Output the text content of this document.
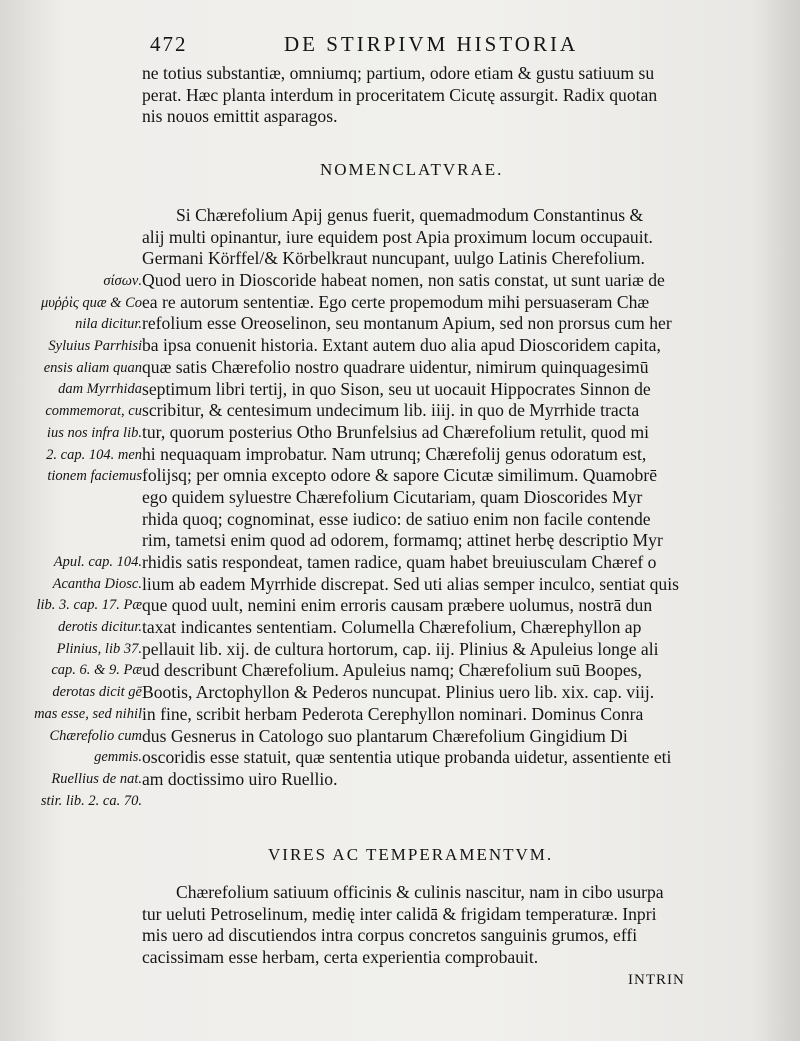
472	DE STIRPIVM HISTORIA
ne totius substantiæ, omniumq; partium, odore etiam & gustu satiuum su
perat. Hæc planta interdum in proceritatem Cicutę assurgit. Radix quotan
nis nouos emittit asparagos.
NOMENCLATVRAE.
Si Chærefolium Apij genus fuerit, quemadmodum Constantinus &
alij multi opinantur, iure equidem post Apia proximum locum occupauit.
Germani Körffel/& Körbelkraut nuncupant, uulgo Latinis Cherefolium.
Quod uero in Dioscoride habeat nomen, non satis constat, ut sunt uariæ de
ea re autorum sententiæ. Ego certe propemodum mihi persuaseram Chæ
refolium esse Oreoselinon, seu montanum Apium, sed non prorsus cum her
ba ipsa conuenit historia. Extant autem duo alia apud Dioscoridem capita,
quæ satis Chærefolio nostro quadrare uidentur, nimirum quinquagesimū
septimum libri tertij, in quo Sison, seu ut uocauit Hippocrates Sinnon de
scribitur, & centesimum undecimum lib. iiij. in quo de Myrrhide tracta
tur, quorum posterius Otho Brunfelsius ad Chærefolium retulit, quod mi
hi nequaquam improbatur. Nam utrunq; Chærefolij genus odoratum est,
folijsq; per omnia excepto odore & sapore Cicutæ similimum. Quamobrē
ego quidem syluestre Chærefolium Cicutariam, quam Dioscorides Myr
rhida quoq; cognominat, esse iudico: de satiuo enim non facile contende
rim, tametsi enim quod ad odorem, formamq; attinet herbę descriptio Myr
rhidis satis respondeat, tamen radice, quam habet breuiusculam Chæref o
lium ab eadem Myrrhide discrepat. Sed uti alias semper inculco, sentiat quis
que quod uult, nemini enim erroris causam præbere uolumus, nostrā dun
taxat indicantes sententiam. Columella Chærefolium, Chærephyllon ap
pellauit lib. xij. de cultura hortorum, cap. iij. Plinius & Apuleius longe ali
ud describunt Chærefolium. Apuleius namq; Chærefolium suū Boopes,
Bootis, Arctophyllon & Pederos nuncupat. Plinius uero lib. xix. cap. viij.
in fine, scribit herbam Pederota Cerephyllon nominari. Dominus Conra
dus Gesnerus in Catologo suo plantarum Chærefolium Gingidium Di
oscoridis esse statuit, quæ sententia utique probanda uidetur, assentiente eti
am doctissimo uiro Ruellio.
σίσων.
μυῤῥὶς quæ & Co
nila dicitur.
Syluius Parrhisi
ensis aliam quan
dam Myrrhida
commemorat, cu
ius nos infra lib.
2. cap. 104. men
tionem faciemus
Apul. cap. 104.
Acantha Diosc.
lib. 3. cap. 17. Pæ
derotis dicitur.
Plinius, lib 37.
cap. 6. & 9. Pæ
derotas dicit gē
mas esse, sed nihil
Chærefolio cum
gemmis.
Ruellius de nat.
stir. lib. 2. ca. 70.
VIRES AC TEMPERAMENTVM.
Chærefolium satiuum officinis & culinis nascitur, nam in cibo usurpa
tur ueluti Petroselinum, medię inter calidā & frigidam temperaturæ. Inpri
mis uero ad discutiendos intra corpus concretos sanguinis grumos, effi
cacissimam esse herbam, certa experientia comprobauit.
INTRIN
